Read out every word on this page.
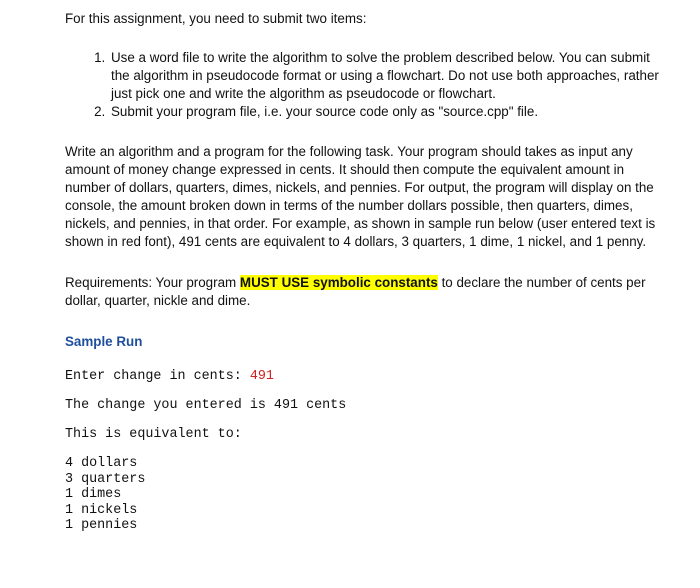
For this assignment, you need to submit two items:

1. Use a word file to write the algorithm to solve the problem described below. You can submit the algorithm in pseudocode format or using a flowchart. Do not use both approaches, rather just pick one and write the algorithm as pseudocode or flowchart.
2. Submit your program file, i.e. your source code only as "source.cpp" file.

Write an algorithm and a program for the following task. Your program should takes as input any amount of money change expressed in cents. It should then compute the equivalent amount in number of dollars, quarters, dimes, nickels, and pennies. For output, the program will display on the console, the amount broken down in terms of the number dollars possible, then quarters, dimes, nickels, and pennies, in that order. For example, as shown in sample run below (user entered text is shown in red font), 491 cents are equivalent to 4 dollars, 3 quarters, 1 dime, 1 nickel, and 1 penny.

Requirements: Your program MUST USE symbolic constants to declare the number of cents per dollar, quarter, nickle and dime.

Sample Run

Enter change in cents: 491
The change you entered is 491 cents
This is equivalent to:
4 dollars
3 quarters
1 dimes
1 nickels
1 pennies
